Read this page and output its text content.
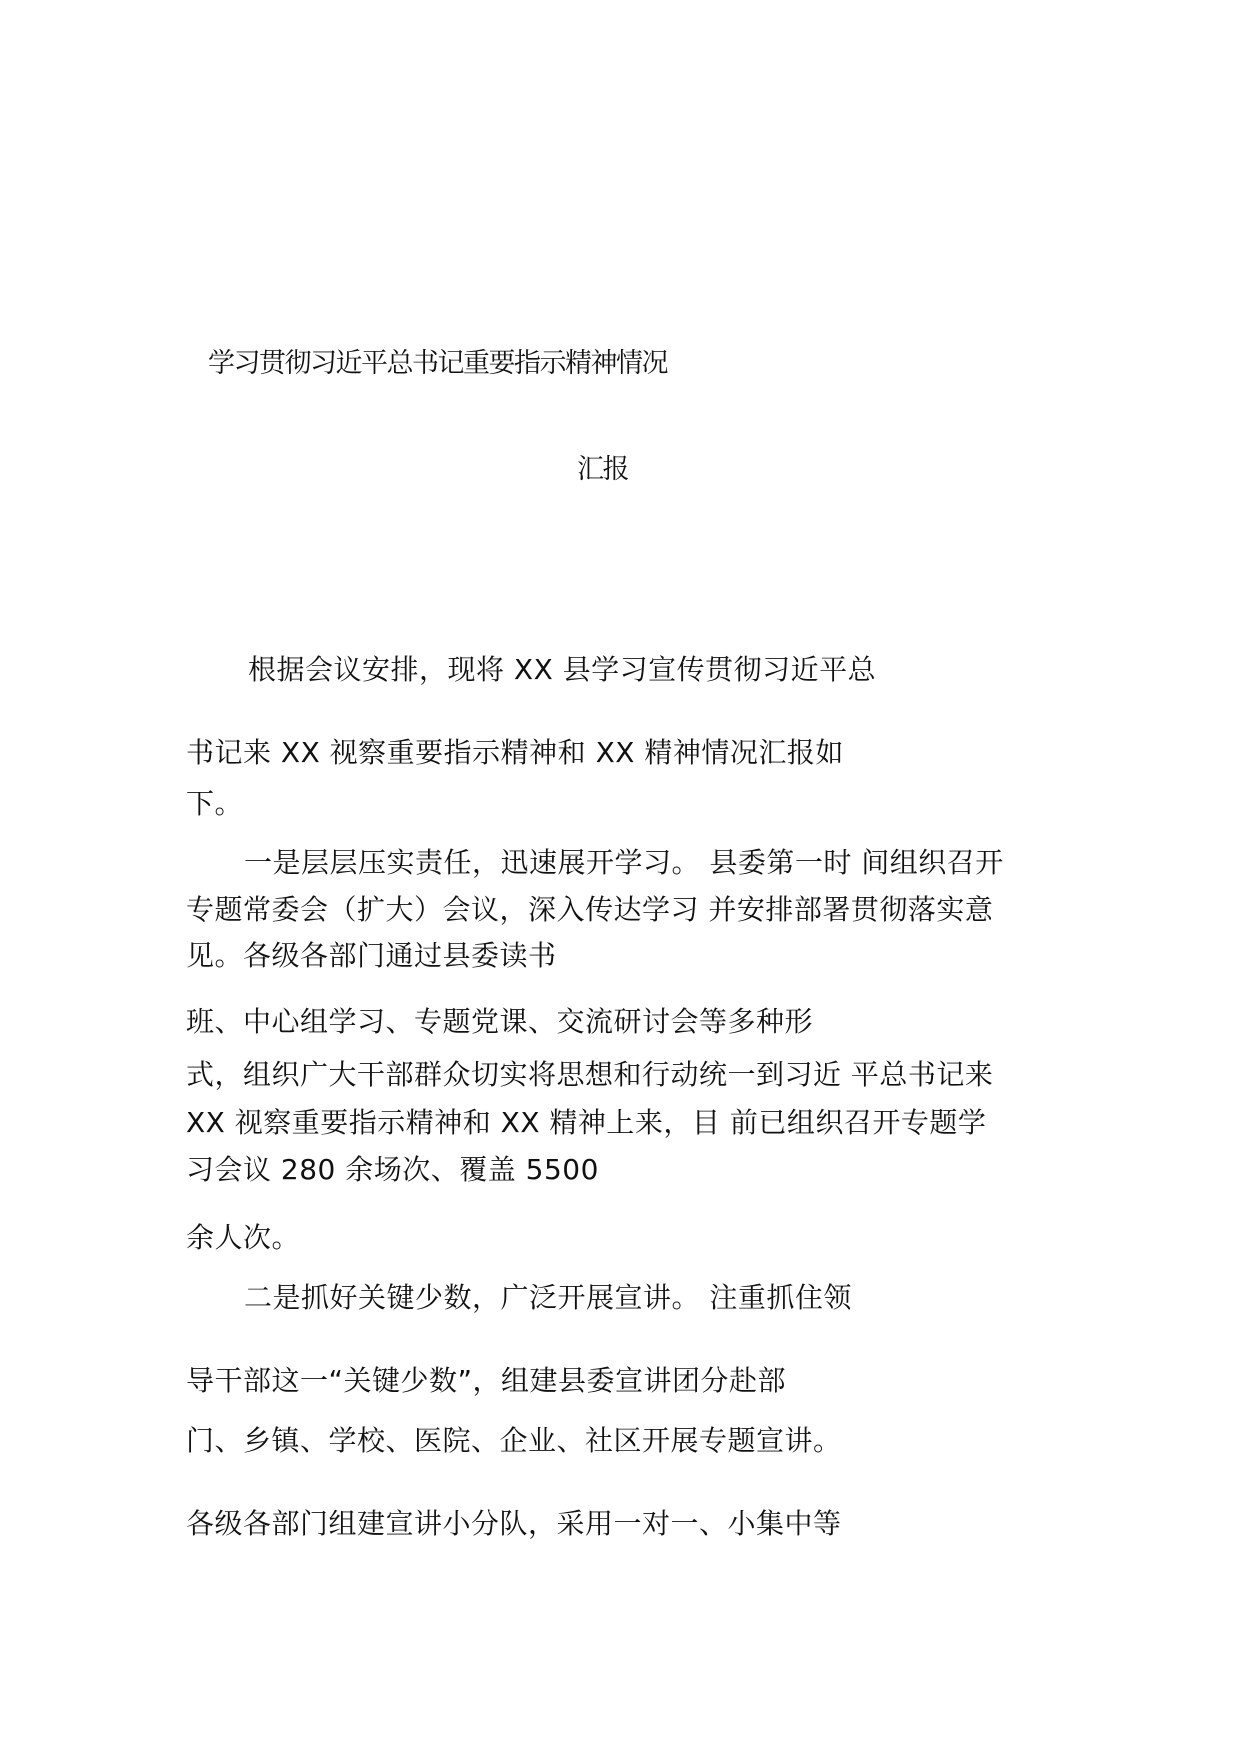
学习贯彻习近平总书记重要指示精神情况
汇报
根据会议安排，现将 XX 县学习宣传贯彻习近平总
书记来 XX 视察重要指示精神和 XX 精神情况汇报如
下。
一是层层压实责任，迅速展开学习。 县委第一时 间组织召开
专题常委会（扩大）会议，深入传达学习 并安排部署贯彻落实意
见。各级各部门通过县委读书
班、中心组学习、专题党课、交流研讨会等多种形
式，组织广大干部群众切实将思想和行动统一到习近 平总书记来
XX 视察重要指示精神和 XX 精神上来，目 前已组织召开专题学
习会议 280 余场次、覆盖 5500
余人次。
二是抓好关键少数，广泛开展宣讲。 注重抓住领
导干部这一“关键少数”，组建县委宣讲团分赴部
门、乡镇、学校、医院、企业、社区开展专题宣讲。
各级各部门组建宣讲小分队，采用一对一、小集中等
